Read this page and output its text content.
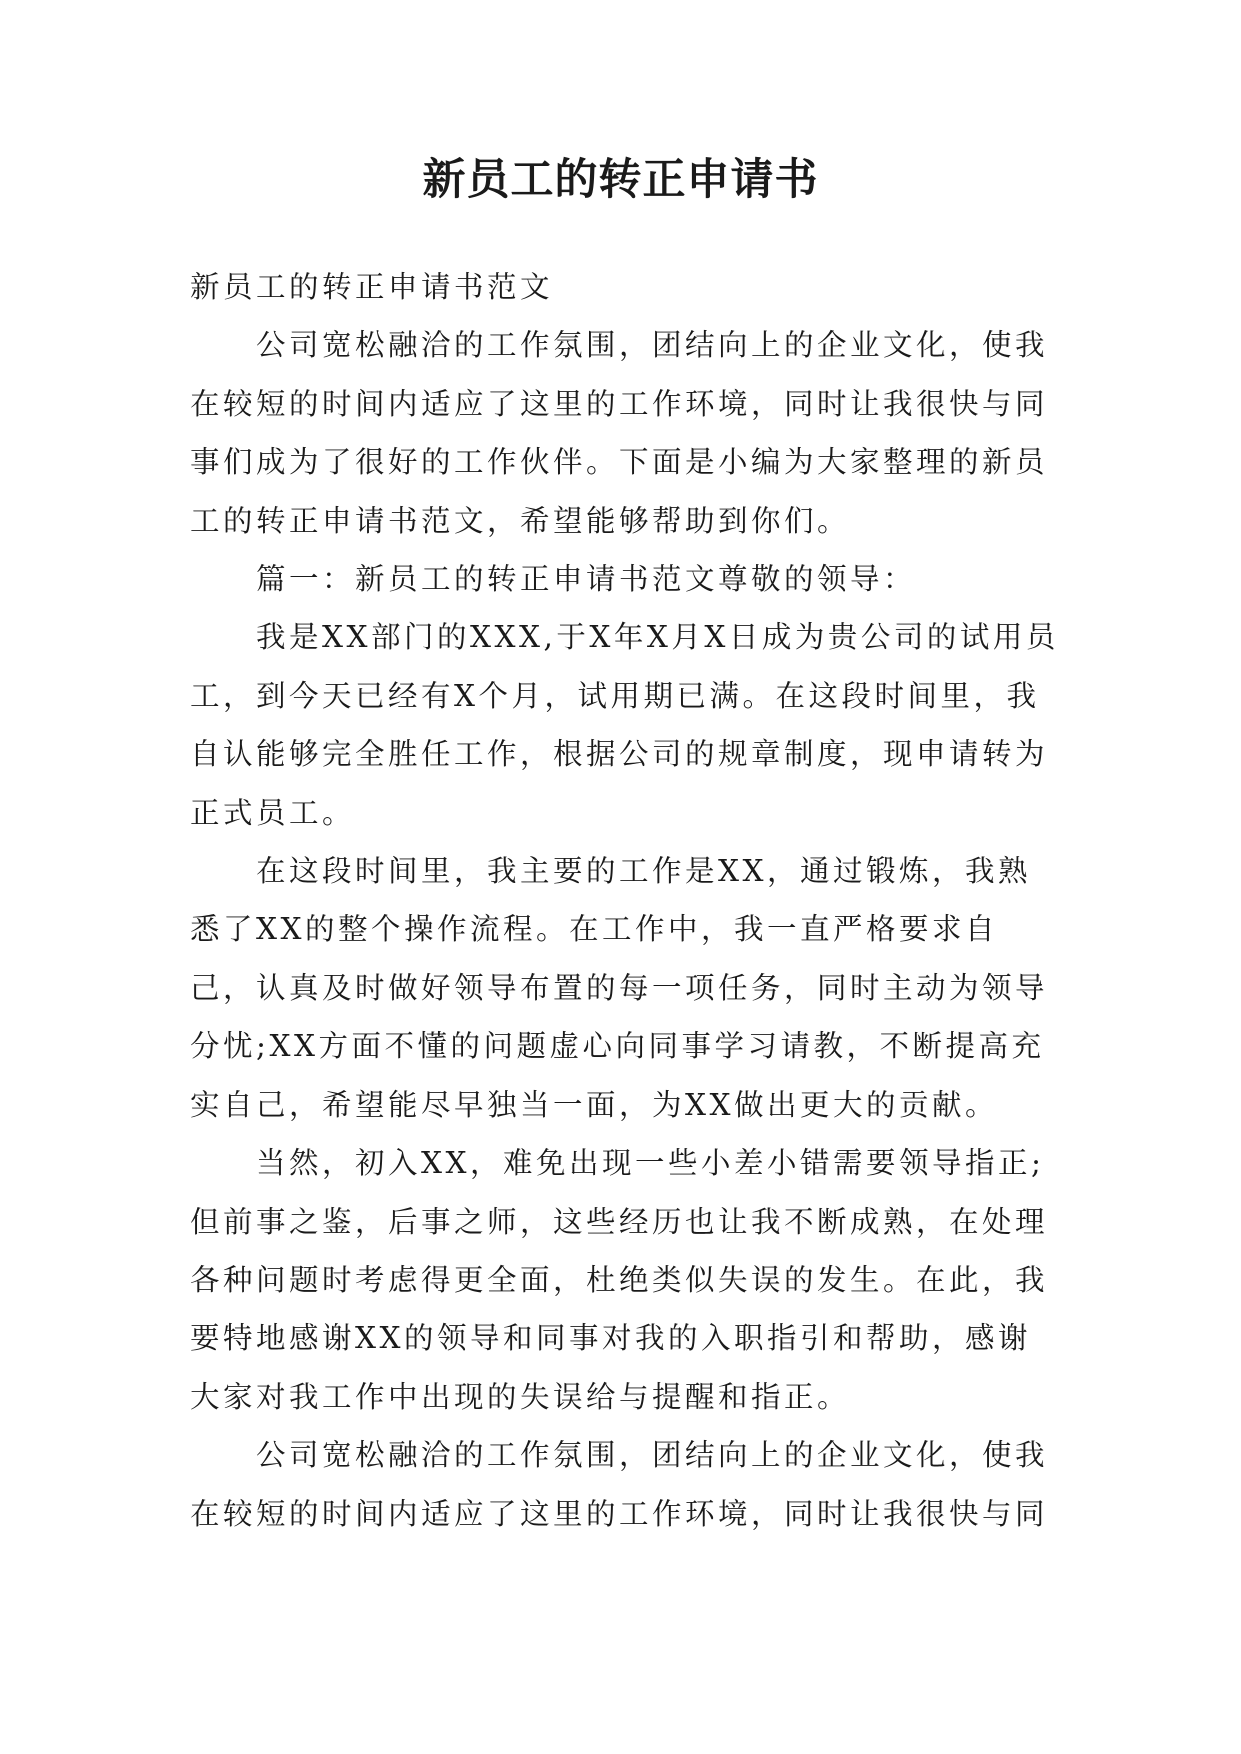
新员工的转正申请书

新员工的转正申请书范文

公司宽松融洽的工作氛围，团结向上的企业文化，使我在较短的时间内适应了这里的工作环境，同时让我很快与同事们成为了很好的工作伙伴。下面是小编为大家整理的新员工的转正申请书范文，希望能够帮助到你们。

篇一：新员工的转正申请书范文尊敬的领导：

我是XX部门的XXX,于X年X月X日成为贵公司的试用员工，到今天已经有X个月，试用期已满。在这段时间里，我自认能够完全胜任工作，根据公司的规章制度，现申请转为正式员工。

在这段时间里，我主要的工作是XX，通过锻炼，我熟悉了XX的整个操作流程。在工作中，我一直严格要求自己，认真及时做好领导布置的每一项任务，同时主动为领导分忧;XX方面不懂的问题虚心向同事学习请教，不断提高充实自己，希望能尽早独当一面，为XX做出更大的贡献。

当然，初入XX，难免出现一些小差小错需要领导指正;但前事之鉴，后事之师，这些经历也让我不断成熟，在处理各种问题时考虑得更全面，杜绝类似失误的发生。在此，我要特地感谢XX的领导和同事对我的入职指引和帮助，感谢大家对我工作中出现的失误给与提醒和指正。

公司宽松融洽的工作氛围，团结向上的企业文化，使我在较短的时间内适应了这里的工作环境，同时让我很快与同
